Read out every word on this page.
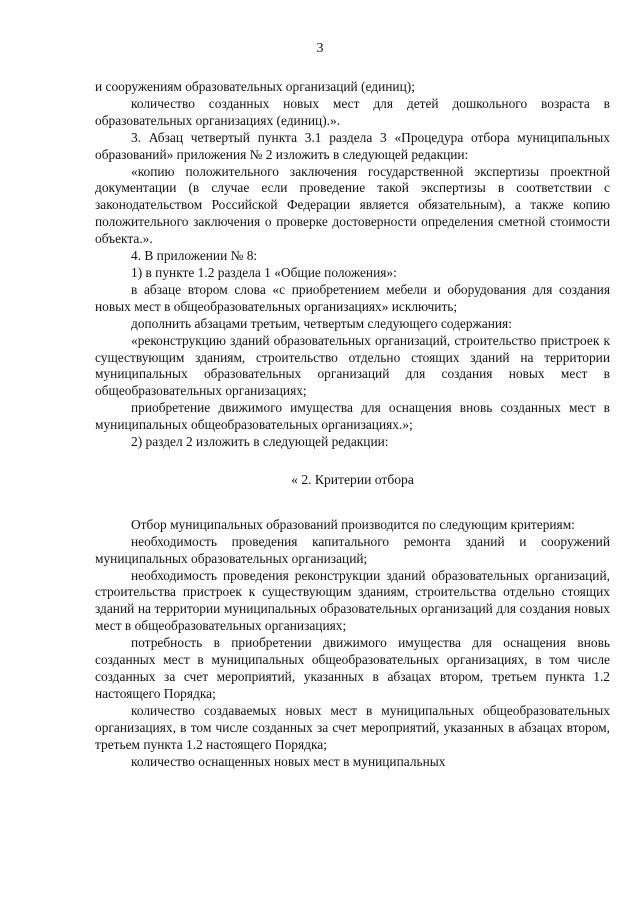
3

и сооружениям образовательных организаций (единиц);

количество созданных новых мест для детей дошкольного возраста в образовательных организациях (единиц).».

3. Абзац четвертый пункта 3.1 раздела 3 «Процедура отбора муниципальных образований» приложения № 2 изложить в следующей редакции:

«копию положительного заключения государственной экспертизы проектной документации (в случае если проведение такой экспертизы в соответствии с законодательством Российской Федерации является обязательным), а также копию положительного заключения о проверке достоверности определения сметной стоимости объекта.».

4. В приложении № 8:

1) в пункте 1.2 раздела 1 «Общие положения»:

в абзаце втором слова «с приобретением мебели и оборудования для создания новых мест в общеобразовательных организациях» исключить;

дополнить абзацами третьим, четвертым следующего содержания:

«реконструкцию зданий образовательных организаций, строительство пристроек к существующим зданиям, строительство отдельно стоящих зданий на территории муниципальных образовательных организаций для создания новых мест в общеобразовательных организациях;

приобретение движимого имущества для оснащения вновь созданных мест в муниципальных общеобразовательных организациях.»;

2) раздел 2 изложить в следующей редакции:

« 2. Критерии отбора

Отбор муниципальных образований производится по следующим критериям:

необходимость проведения капитального ремонта зданий и сооружений муниципальных образовательных организаций;

необходимость проведения реконструкции зданий образовательных организаций, строительства пристроек к существующим зданиям, строительства отдельно стоящих зданий на территории муниципальных образовательных организаций для создания новых мест в общеобразовательных организациях;

потребность в приобретении движимого имущества для оснащения вновь созданных мест в муниципальных общеобразовательных организациях, в том числе созданных за счет мероприятий, указанных в абзацах втором, третьем пункта 1.2 настоящего Порядка;

количество создаваемых новых мест в муниципальных общеобразовательных организациях, в том числе созданных за счет мероприятий, указанных в абзацах втором, третьем пункта 1.2 настоящего Порядка;

количество оснащенных новых мест в муниципальных
